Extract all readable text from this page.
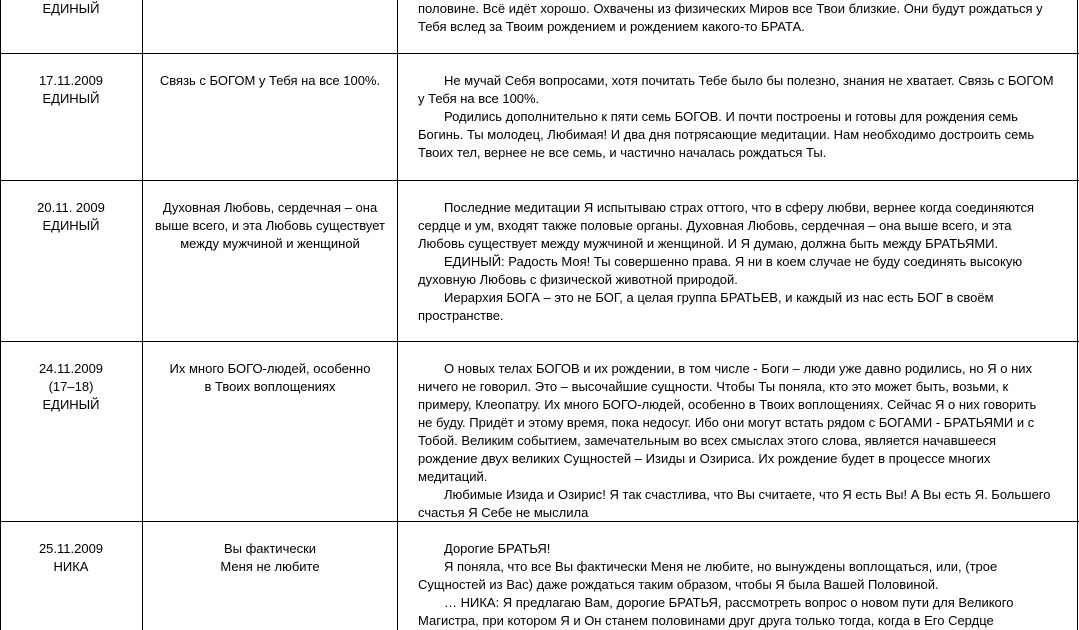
ЕДИНЫЙ	половине. Всё идёт хорошо. Охвачены из физических Миров все Твои близкие. Они будут рождаться у
Тебя вслед за Твоим рождением и рождением какого-то БРАТА.
17.11.2009
ЕДИНЫЙ
Связь с БОГОМ у Тебя на все 100%.	Не мучай Себя вопросами, хотя почитать Тебе было бы полезно, знания не хватает. Связь с БОГОМ

у Тебя на все 100%.

Родились дополнительно к пяти семь БОГОВ. И почти построены и готовы для рождения семь

Богинь. Ты молодец, Любимая! И два дня потрясающие медитации. Нам необходимо достроить семь
Твоих тел, вернее не все семь, и частично началась рождаться Ты.
20.11. 2009
ЕДИНЫЙ
Духовная Любовь, сердечная – она
выше всего, и эта Любовь существует
между мужчиной и женщиной

Последние медитации Я испытываю страх оттого, что в сферу любви, вернее когда соединяются

сердце и ум, входят также половые органы. Духовная Любовь, сердечная – она выше всего, и эта
Любовь существует между мужчиной и женщиной. И Я думаю, должна быть между БРАТЬЯМИ.

ЕДИНЫЙ: Радость Моя! Ты совершенно права. Я ни в коем случае не буду соединять высокую

духовную Любовь с физической животной природой.

Иерархия БОГА – это не БОГ, а целая группа БРАТЬЕВ, и каждый из нас есть БОГ в своём

пространстве.
24.11.2009
(17–18)
ЕДИНЫЙ
Их много БОГО-людей, особенно
в Твоих воплощениях

О новых телах БОГОВ и их рождении, в том числе - Боги – люди уже давно родились, но Я о них

ничего не говорил. Это – высочайшие сущности. Чтобы Ты поняла, кто это может быть, возьми, к
примеру, Клеопатру. Их много БОГО-людей, особенно в Твоих воплощениях. Сейчас Я о них говорить
не буду. Придёт и этому время, пока недосуг. Ибо они могут встать рядом с БОГАМИ - БРАТЬЯМИ и с
Тобой. Великим событием, замечательным во всех смыслах этого слова, является начавшееся
рождение двух великих Сущностей – Изиды и Озириса. Их рождение будет в процессе многих
медитаций.

Любимые Изида и Озирис! Я так счастлива, что Вы считаете, что Я есть Вы! А Вы есть Я. Большего

счастья Я Себе не мыслила
25.11.2009
НИКА
Вы фактически
Меня не любите

Дорогие БРАТЬЯ!

Я поняла, что все Вы фактически Меня не любите, но вынуждены воплощаться, или, (трое

Сущностей из Вас) даже рождаться таким образом, чтобы Я была Вашей Половиной.

… НИКА: Я предлагаю Вам, дорогие БРАТЬЯ, рассмотреть вопрос о новом пути для Великого

Магистра, при котором Я и Он станем половинами друг друга только тогда, когда в Его Сердце
